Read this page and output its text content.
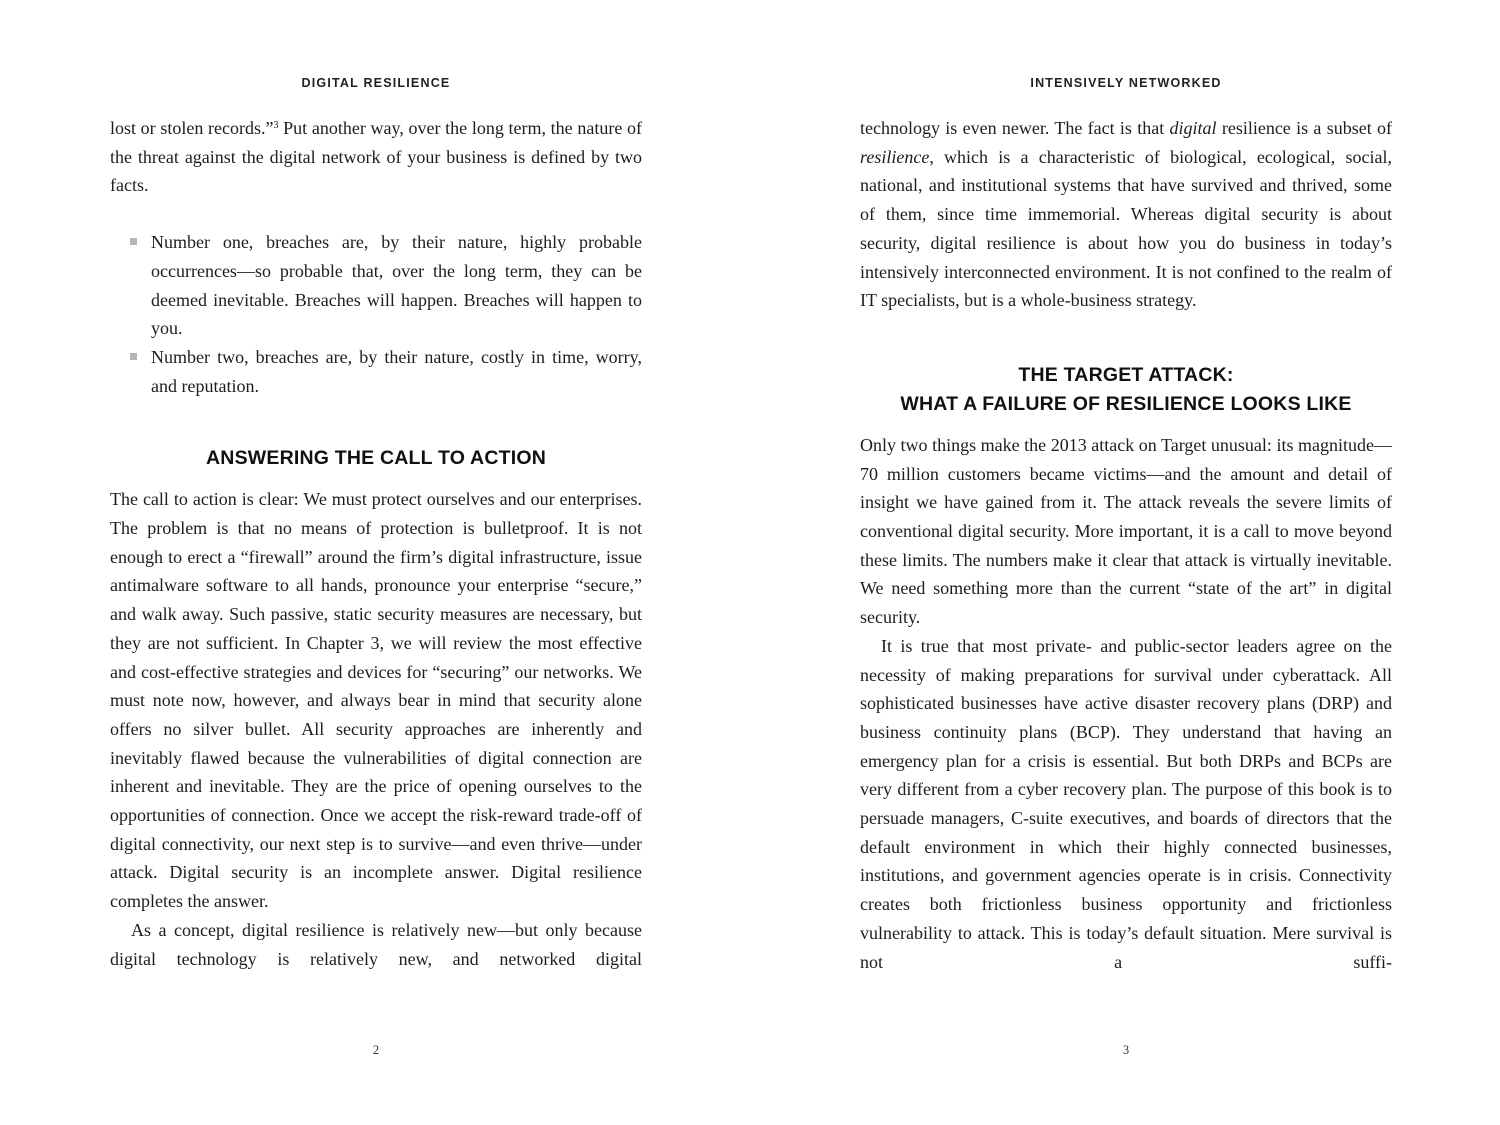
DIGITAL RESILIENCE

lost or stolen records.”$^3$ Put another way, over the long term, the nature of the threat against the digital network of your business is defined by two facts.

Number one, breaches are, by their nature, highly probable occurrences—so probable that, over the long term, they can be deemed inevitable. Breaches will happen. Breaches will happen to you.
Number two, breaches are, by their nature, costly in time, worry, and reputation.
ANSWERING THE CALL TO ACTION

The call to action is clear: We must protect ourselves and our enterprises. The problem is that no means of protection is bulletproof. It is not enough to erect a “firewall” around the firm’s digital infrastructure, issue antimalware software to all hands, pronounce your enterprise “secure,” and walk away. Such passive, static security measures are necessary, but they are not sufficient. In Chapter 3, we will review the most effective and cost-effective strategies and devices for “securing” our networks. We must note now, however, and always bear in mind that security alone offers no silver bullet. All security approaches are inherently and inevitably flawed because the vulnerabilities of digital connection are inherent and inevitable. They are the price of opening ourselves to the opportunities of connection. Once we accept the risk-reward trade-off of digital connectivity, our next step is to survive—and even thrive—under attack. Digital security is an incomplete answer. Digital resilience completes the answer.

As a concept, digital resilience is relatively new—but only because digital technology is relatively new, and networked digital

2
INTENSIVELY NETWORKED

technology is even newer. The fact is that digital resilience is a subset of resilience, which is a characteristic of biological, ecological, social, national, and institutional systems that have survived and thrived, some of them, since time immemorial. Whereas digital security is about security, digital resilience is about how you do business in today’s intensively interconnected environment. It is not confined to the realm of IT specialists, but is a whole-business strategy.

THE TARGET ATTACK:
WHAT A FAILURE OF RESILIENCE LOOKS LIKE

Only two things make the 2013 attack on Target unusual: its magnitude—70 million customers became victims—and the amount and detail of insight we have gained from it. The attack reveals the severe limits of conventional digital security. More important, it is a call to move beyond these limits. The numbers make it clear that attack is virtually inevitable. We need something more than the current “state of the art” in digital security.

It is true that most private- and public-sector leaders agree on the necessity of making preparations for survival under cyberattack. All sophisticated businesses have active disaster recovery plans (DRP) and business continuity plans (BCP). They understand that having an emergency plan for a crisis is essential. But both DRPs and BCPs are very different from a cyber recovery plan. The purpose of this book is to persuade managers, C-suite executives, and boards of directors that the default environment in which their highly connected businesses, institutions, and government agencies operate is in crisis. Connectivity creates both frictionless business opportunity and frictionless vulnerability to attack. This is today’s default situation. Mere survival is not a suffi-

3
